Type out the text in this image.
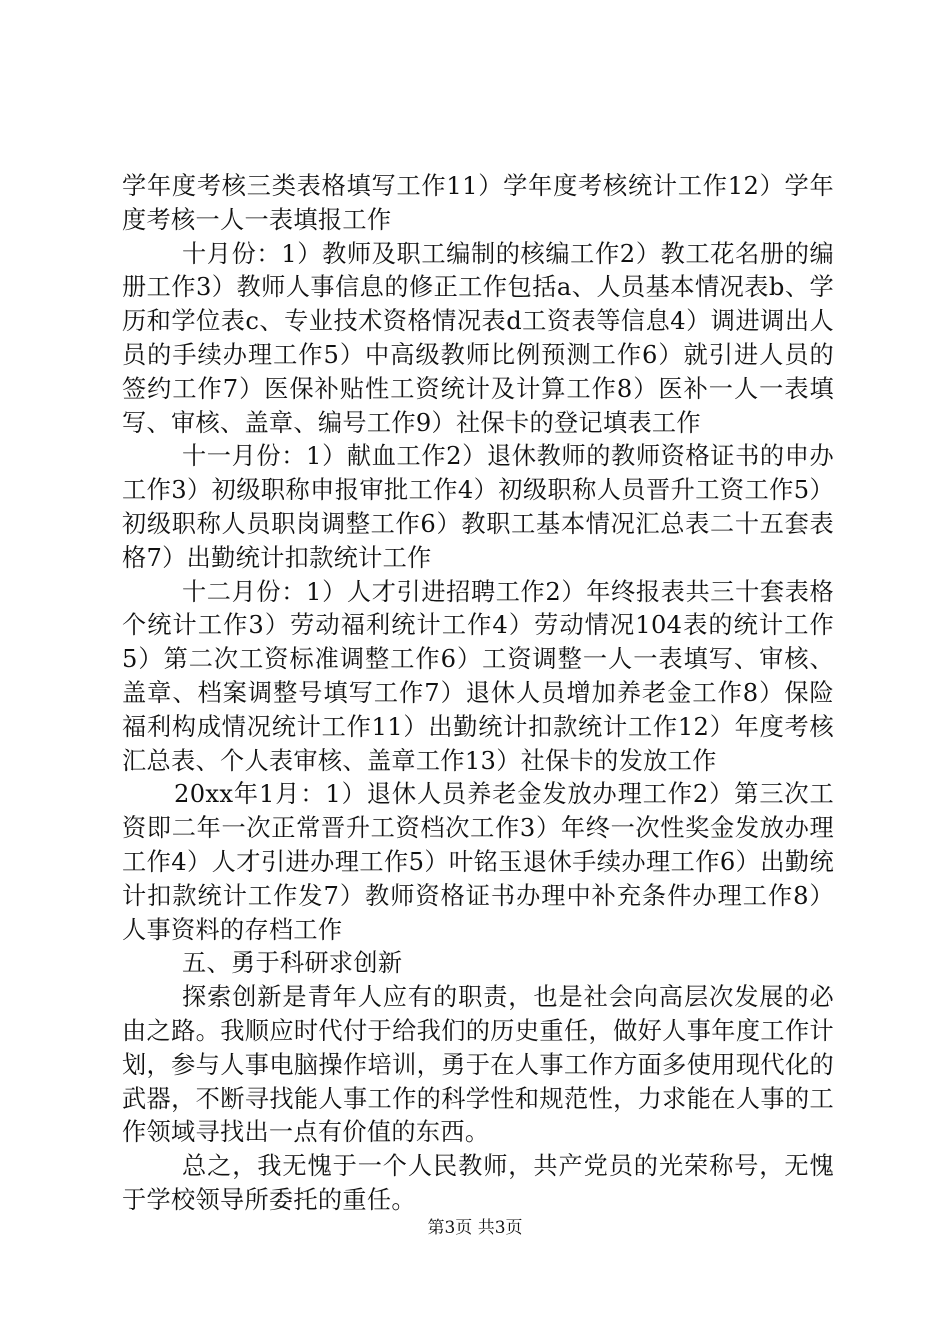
学年度考核三类表格填写工作11）学年度考核统计工作12）学年度考核一人一表填报工作

十月份：1）教师及职工编制的核编工作2）教工花名册的编册工作3）教师人事信息的修正工作包括a、人员基本情况表b、学历和学位表c、专业技术资格情况表d工资表等信息4）调进调出人员的手续办理工作5）中高级教师比例预测工作6）就引进人员的签约工作7）医保补贴性工资统计及计算工作8）医补一人一表填写、审核、盖章、编号工作9）社保卡的登记填表工作

十一月份：1）献血工作2）退休教师的教师资格证书的申办工作3）初级职称申报审批工作4）初级职称人员晋升工资工作5）初级职称人员职岗调整工作6）教职工基本情况汇总表二十五套表格7）出勤统计扣款统计工作

十二月份：1）人才引进招聘工作2）年终报表共三十套表格个统计工作3）劳动福利统计工作4）劳动情况104表的统计工作5）第二次工资标准调整工作6）工资调整一人一表填写、审核、盖章、档案调整号填写工作7）退休人员增加养老金工作8）保险福利构成情况统计工作11）出勤统计扣款统计工作12）年度考核汇总表、个人表审核、盖章工作13）社保卡的发放工作

20xx年1月：1）退休人员养老金发放办理工作2）第三次工资即二年一次正常晋升工资档次工作3）年终一次性奖金发放办理工作4）人才引进办理工作5）叶铭玉退休手续办理工作6）出勤统计扣款统计工作发7）教师资格证书办理中补充条件办理工作8）人事资料的存档工作

五、勇于科研求创新

探索创新是青年人应有的职责，也是社会向高层次发展的必由之路。我顺应时代付于给我们的历史重任，做好人事年度工作计划，参与人事电脑操作培训，勇于在人事工作方面多使用现代化的武器，不断寻找能人事工作的科学性和规范性，力求能在人事的工作领域寻找出一点有价值的东西。

总之，我无愧于一个人民教师，共产党员的光荣称号，无愧于学校领导所委托的重任。

第3页 共3页
